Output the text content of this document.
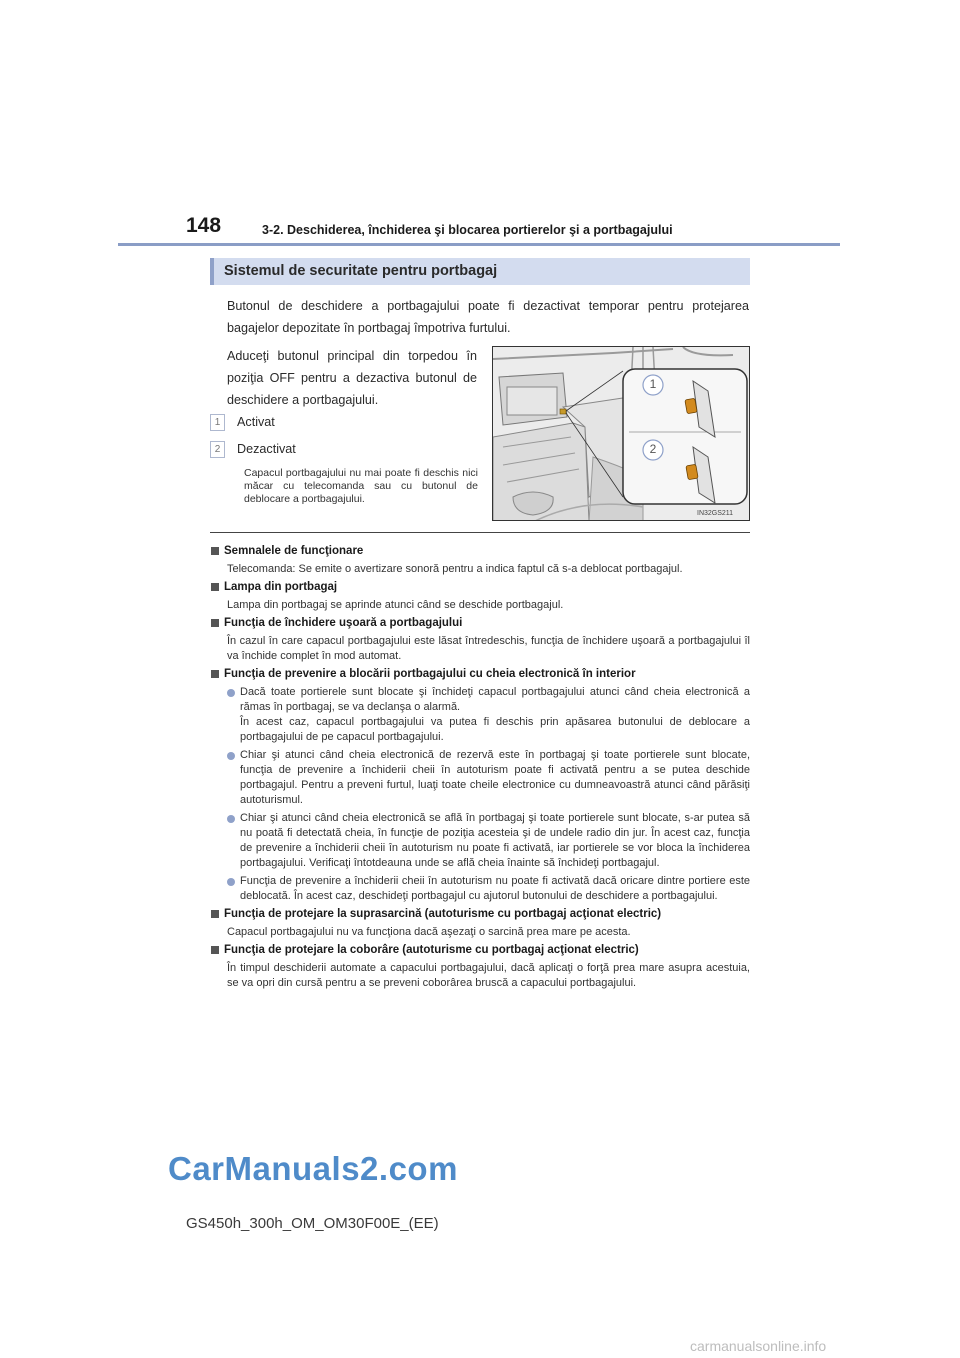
148	3-2. Deschiderea, închiderea şi blocarea portierelor şi a portbagajului
Sistemul de securitate pentru portbagaj
Butonul de deschidere a portbagajului poate fi dezactivat temporar pentru protejarea bagajelor depozitate în portbagaj împotriva furtului.
Aduceţi butonul principal din torpedou în poziţia OFF pentru a dezactiva butonul de deschidere a portbagajului.
1 Activat
2 Dezactivat
Capacul portbagajului nu mai poate fi deschis nici măcar cu telecomanda sau cu butonul de deblocare a portbagajului.
1
2
IN32GS211
Semnalele de funcţionare
Telecomanda: Se emite o avertizare sonoră pentru a indica faptul că s-a deblocat portbagajul.
Lampa din portbagaj
Lampa din portbagaj se aprinde atunci când se deschide portbagajul.
Funcţia de închidere uşoară a portbagajului
În cazul în care capacul portbagajului este lăsat întredeschis, funcţia de închidere uşoară a portbagajului îl va închide complet în mod automat.
Funcţia de prevenire a blocării portbagajului cu cheia electronică în interior
Dacă toate portierele sunt blocate şi închideţi capacul portbagajului atunci când cheia electronică a rămas în portbagaj, se va declanşa o alarmă.
În acest caz, capacul portbagajului va putea fi deschis prin apăsarea butonului de deblocare a portbagajului de pe capacul portbagajului.
Chiar şi atunci când cheia electronică de rezervă este în portbagaj şi toate portierele sunt blocate, funcţia de prevenire a închiderii cheii în autoturism poate fi activată pentru a se putea deschide portbagajul. Pentru a preveni furtul, luaţi toate cheile electronice cu dumneavoastră atunci când părăsiţi autoturismul.
Chiar şi atunci când cheia electronică se află în portbagaj şi toate portierele sunt blocate, s-ar putea să nu poată fi detectată cheia, în funcţie de poziţia acesteia şi de undele radio din jur. În acest caz, funcţia de prevenire a închiderii cheii în autoturism nu poate fi activată, iar portierele se vor bloca la închiderea portbagajului. Verificaţi întotdeauna unde se află cheia înainte să închideţi portbagajul.
Funcţia de prevenire a închiderii cheii în autoturism nu poate fi activată dacă oricare dintre portiere este deblocată. În acest caz, deschideţi portbagajul cu ajutorul butonului de deschidere a portbagajului.
Funcţia de protejare la suprasarcină (autoturisme cu portbagaj acţionat electric)
Capacul portbagajului nu va funcţiona dacă aşezaţi o sarcină prea mare pe acesta.
Funcţia de protejare la coborâre (autoturisme cu portbagaj acţionat electric)
În timpul deschiderii automate a capacului portbagajului, dacă aplicaţi o forţă prea mare asupra acestuia, se va opri din cursă pentru a se preveni coborârea bruscă a capacului portbagajului.
CarManuals2.com
GS450h_300h_OM_OM30F00E_(EE)
carmanualsonline.info
